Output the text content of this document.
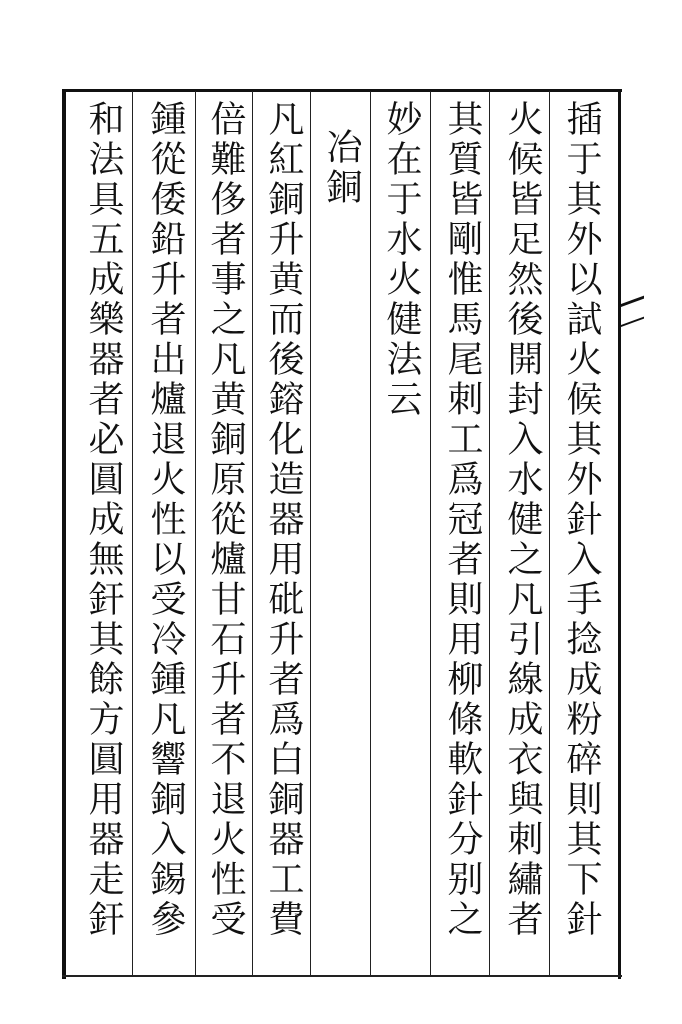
插于其外以試火候其外針入手捻成粉碎則其下針
火候皆足然後開封入水健之凡引線成衣與刺繡者
其質皆剛惟馬尾刺工爲冠者則用柳條軟針分别之
妙在于水火健法云
冶銅
凡紅銅升黄而後鎔化造器用砒升者爲白銅器工費
倍難侈者事之凡黄銅原從爐甘石升者不退火性受
鍾從倭鉛升者出爐退火性以受冷鍾凡響銅入錫參
和法具五成樂器者必圓成無釬其餘方圓用器走釬
